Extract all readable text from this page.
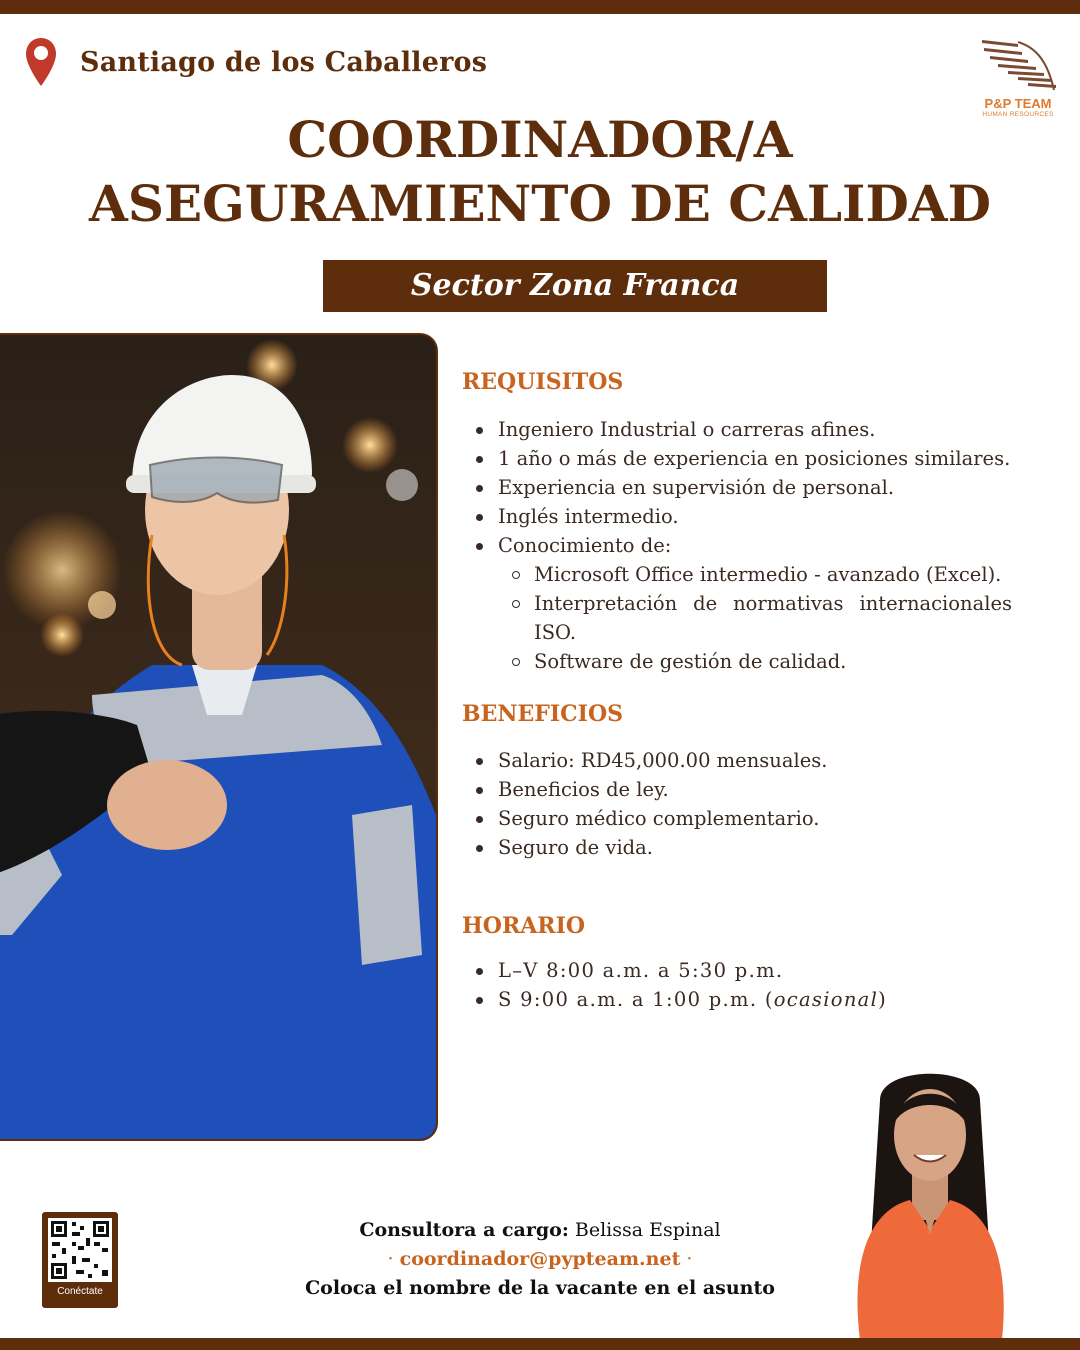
Santiago de los Caballeros
P&P TEAM
HUMAN RESOURCES
COORDINADOR/A
ASEGURAMIENTO DE CALIDAD
Sector Zona Franca
REQUISITOS
Ingeniero Industrial o carreras afines.
1 año o más de experiencia en posiciones similares.
Experiencia en supervisión de personal.
Inglés intermedio.
Conocimiento de:
Microsoft Office intermedio - avanzado (Excel).
Interpretación de normativas internacionales ISO.
Software de gestión de calidad.
BENEFICIOS
Salario: RD45,000.00 mensuales.
Beneficios de ley.
Seguro médico complementario.
Seguro de vida.
HORARIO
L–V 8:00 a.m. a 5:30 p.m.
S 9:00 a.m. a 1:00 p.m. (ocasional)
Conéctate
Consultora a cargo: Belissa Espinal
· coordinador@pypteam.net ·
Coloca el nombre de la vacante en el asunto
